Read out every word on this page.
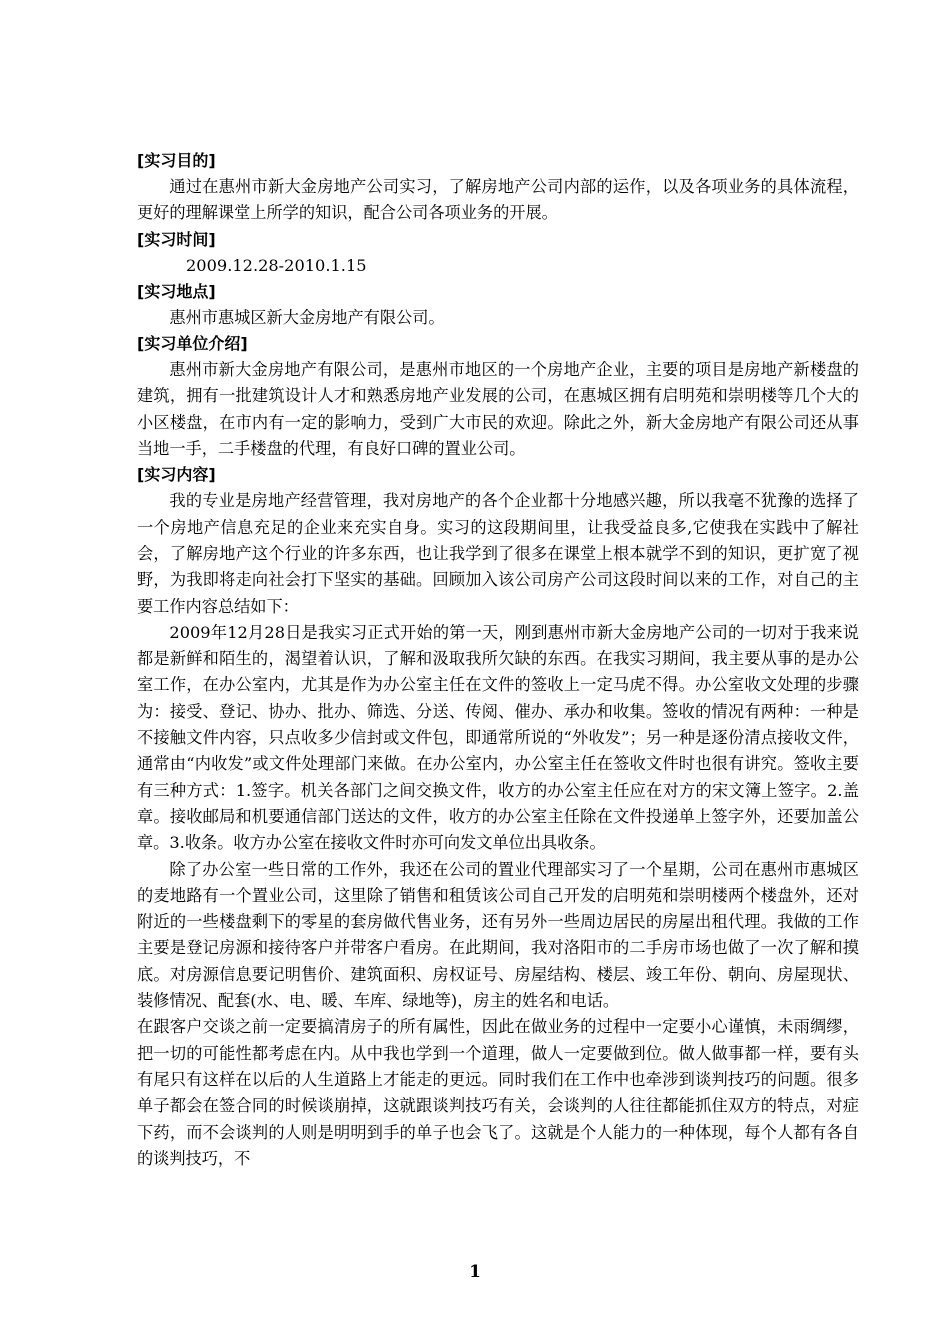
[实习目的]

通过在惠州市新大金房地产公司实习，了解房地产公司内部的运作，以及各项业务的具体流程，更好的理解课堂上所学的知识，配合公司各项业务的开展。

[实习时间]

2009.12.28-2010.1.15

[实习地点]

惠州市惠城区新大金房地产有限公司。

[实习单位介绍]

惠州市新大金房地产有限公司，是惠州市地区的一个房地产企业，主要的项目是房地产新楼盘的建筑，拥有一批建筑设计人才和熟悉房地产业发展的公司，在惠城区拥有启明苑和崇明楼等几个大的小区楼盘，在市内有一定的影响力，受到广大市民的欢迎。除此之外，新大金房地产有限公司还从事当地一手，二手楼盘的代理，有良好口碑的置业公司。

[实习内容]

我的专业是房地产经营管理，我对房地产的各个企业都十分地感兴趣，所以我毫不犹豫的选择了一个房地产信息充足的企业来充实自身。实习的这段期间里，让我受益良多,它使我在实践中了解社会，了解房地产这个行业的许多东西，也让我学到了很多在课堂上根本就学不到的知识，更扩宽了视野，为我即将走向社会打下坚实的基础。回顾加入该公司房产公司这段时间以来的工作，对自己的主要工作内容总结如下：

2009年12月28日是我实习正式开始的第一天，刚到惠州市新大金房地产公司的一切对于我来说都是新鲜和陌生的，渴望着认识，了解和汲取我所欠缺的东西。在我实习期间，我主要从事的是办公室工作，在办公室内，尤其是作为办公室主任在文件的签收上一定马虎不得。办公室收文处理的步骤为：接受、登记、协办、批办、筛选、分送、传阅、催办、承办和收集。签收的情况有两种：一种是不接触文件内容，只点收多少信封或文件包，即通常所说的“外收发”；另一种是逐份清点接收文件，通常由“内收发”或文件处理部门来做。在办公室内，办公室主任在签收文件时也很有讲究。签收主要有三种方式：1.签字。机关各部门之间交换文件，收方的办公室主任应在对方的宋文簿上签字。2.盖章。接收邮局和机要通信部门送达的文件，收方的办公室主任除在文件投递单上签字外，还要加盖公章。3.收条。收方办公室在接收文件时亦可向发文单位出具收条。

除了办公室一些日常的工作外，我还在公司的置业代理部实习了一个星期，公司在惠州市惠城区的麦地路有一个置业公司，这里除了销售和租赁该公司自己开发的启明苑和崇明楼两个楼盘外，还对附近的一些楼盘剩下的零星的套房做代售业务，还有另外一些周边居民的房屋出租代理。我做的工作主要是登记房源和接待客户并带客户看房。在此期间，我对洛阳市的二手房市场也做了一次了解和摸底。对房源信息要记明售价、建筑面积、房权证号、房屋结构、楼层、竣工年份、朝向、房屋现状、装修情况、配套(水、电、暖、车库、绿地等)，房主的姓名和电话。

在跟客户交谈之前一定要搞清房子的所有属性，因此在做业务的过程中一定要小心谨慎，未雨绸缪，把一切的可能性都考虑在内。从中我也学到一个道理，做人一定要做到位。做人做事都一样，要有头有尾只有这样在以后的人生道路上才能走的更远。同时我们在工作中也牵涉到谈判技巧的问题。很多单子都会在签合同的时候谈崩掉，这就跟谈判技巧有关，会谈判的人往往都能抓住双方的特点，对症下药，而不会谈判的人则是明明到手的单子也会飞了。这就是个人能力的一种体现，每个人都有各自的谈判技巧，不

1
